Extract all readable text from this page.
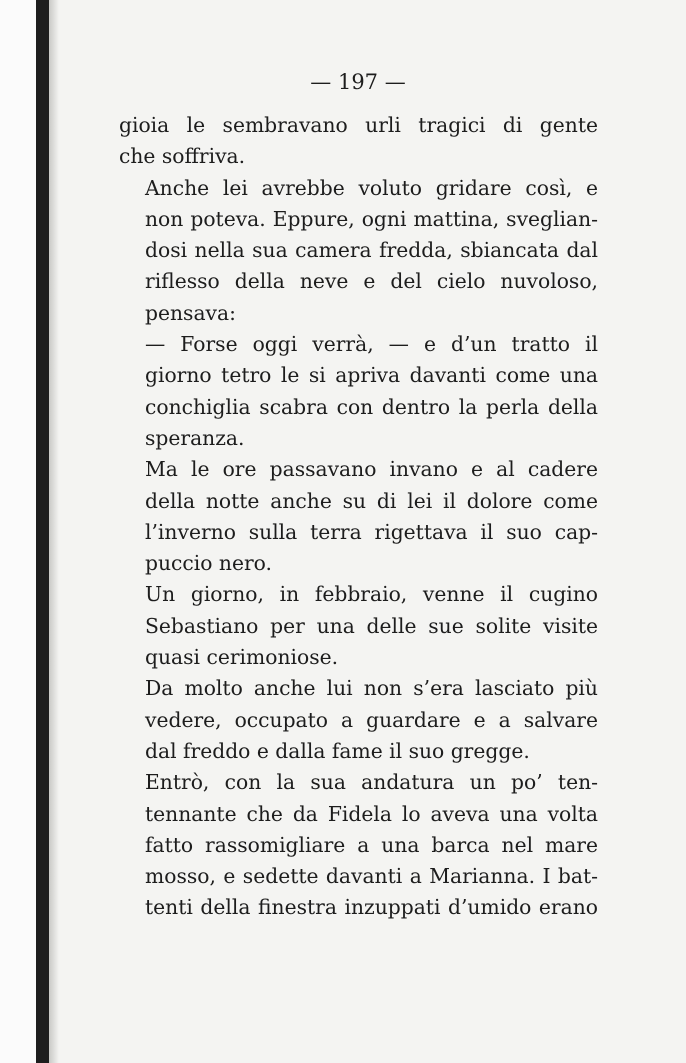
— 197 —

gioia le sembravano urli tragici di gente
che soffriva.

Anche lei avrebbe voluto gridare così, e
non poteva. Eppure, ogni mattina, sveglian-
dosi nella sua camera fredda, sbiancata dal
riflesso della neve e del cielo nuvoloso,
pensava:

— Forse oggi verrà, — e d’un tratto il
giorno tetro le si apriva davanti come una
conchiglia scabra con dentro la perla della
speranza.

Ma le ore passavano invano e al cadere
della notte anche su di lei il dolore come
l’inverno sulla terra rigettava il suo cap-
puccio nero.

Un giorno, in febbraio, venne il cugino
Sebastiano per una delle sue solite visite
quasi cerimoniose.

Da molto anche lui non s’era lasciato più
vedere, occupato a guardare e a salvare
dal freddo e dalla fame il suo gregge.

Entrò, con la sua andatura un po’ ten-
tennante che da Fidela lo aveva una volta
fatto rassomigliare a una barca nel mare
mosso, e sedette davanti a Marianna. I bat-
tenti della finestra inzuppati d’umido erano
